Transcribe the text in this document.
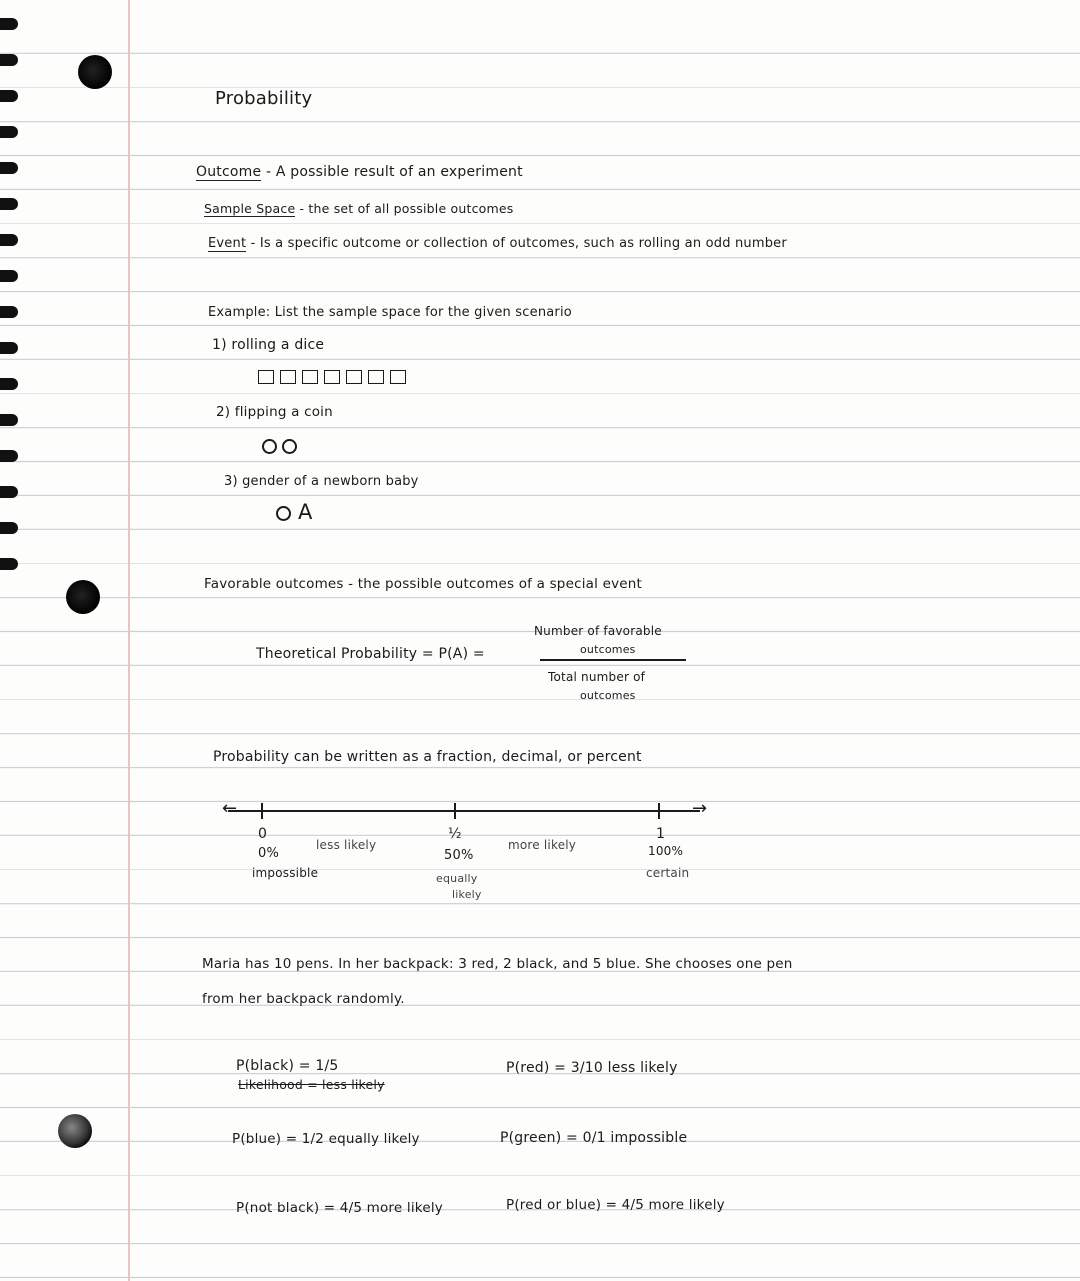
Probability
Outcome - A possible result of an experiment
Sample Space - the set of all possible outcomes
Event - Is a specific outcome or collection of outcomes, such as rolling an odd number
Example: List the sample space for the given scenario
1) rolling a dice
2) flipping a coin
3) gender of a newborn baby
A
Favorable outcomes - the possible outcomes of a special event
Theoretical Probability = P(A) =
Number of favorable
outcomes
Total number of
outcomes
Probability can be written as a fraction, decimal, or percent
←	→
0
0%
impossible
less likely
½
50%
equally
likely
more likely
1
100%
certain
Maria has 10 pens. In her backpack: 3 red, 2 black, and 5 blue. She chooses one pen
from her backpack randomly.
P(black) = 1/5
Likelihood = less likely
P(red) = 3/10 less likely
P(blue) = 1/2 equally likely	P(green) = 0/1 impossible
P(not black) = 4/5 more likely	P(red or blue) = 4/5 more likely
